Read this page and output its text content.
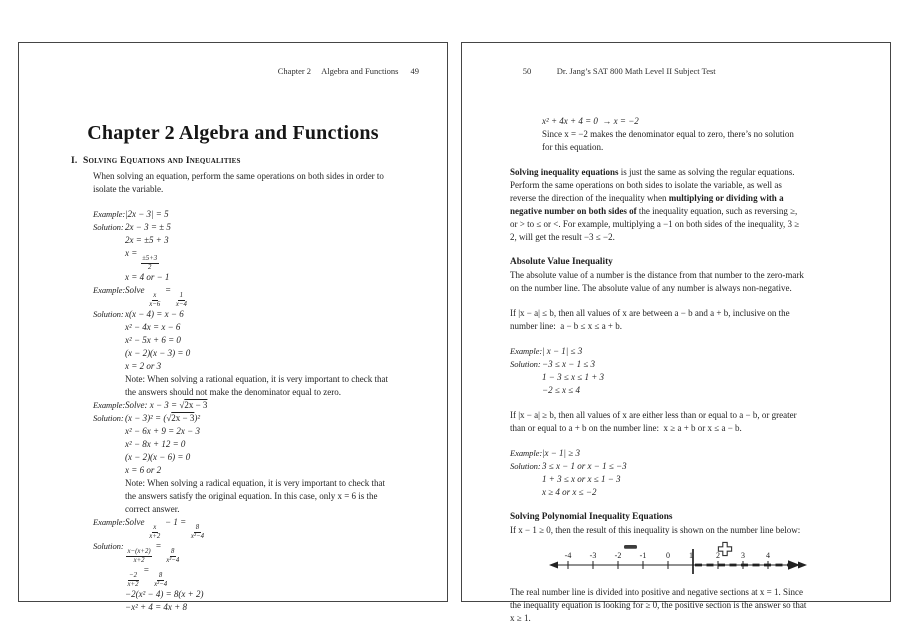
Chapter 2 Algebra and Functions 49

Chapter 2 Algebra and Functions
I. Solving Equations and Inequalities
When solving an equation, perform the same operations on both sides in order to
isolate the variable.
Example:|2x − 3| = 5
Solution:2x − 3 = ± 5
2x = ±5 + 3
x =
$\frac{\pm 5+3}{2}$
x = 4 or − 1
Example:Solve
$\frac{x}{x-6}$
=
$\frac{1}{x-4}$
Solution:x(x − 4) = x − 6
x² − 4x = x − 6
x² − 5x + 6 = 0
(x − 2)(x − 3) = 0
x = 2 or 3
Note: When solving a rational equation, it is very important to check that
the answers should not make the denominator equal to zero.
Example:Solve: x − 3 = √2x − 3
Solution:(x − 3)² = (√2x − 3)²
x² − 6x + 9 = 2x − 3
x² − 8x + 12 = 0
(x − 2)(x − 6) = 0
x = 6 or 2
Note: When solving a radical equation, it is very important to check that
the answers satisfy the original equation. In this case, only x = 6 is the
correct answer.
Example:Solve
$\frac{x}{x+2}$
− 1 =
$\frac{8}{\text{x²−4}}$
Solution:
$\frac{x-(x+2)}{x+2}$
=
$\frac{8}{\text{x²−4}}$
$\frac{-2}{x+2}$
=
$\frac{8}{\text{x²−4}}$
−2(x² − 4) = 8(x + 2)
−x² + 4 = 4x + 8

50	Dr. Jang’s SAT 800 Math Level II Subject Test

x² + 4x + 4 = 0  → x = −2
Since x = −2 makes the denominator equal to zero, there’s no solution
for this equation.
Solving inequality equations is just the same as solving the regular equations.
Perform the same operations on both sides to isolate the variable, as well as
reverse the direction of the inequality when multiplying or dividing with a
negative number on both sides of the inequality equation, such as reversing ≥,
or > to ≤ or <. For example, multiplying a −1 on both sides of the inequality, 3 ≥
2, will get the result −3 ≤ −2.
Absolute Value Inequality
The absolute value of a number is the distance from that number to the zero-mark
on the number line. The absolute value of any number is always non-negative.
If |x − a| ≤ b, then all values of x are between a − b and a + b, inclusive on the
number line:  a − b ≤ x ≤ a + b.
Example:| x − 1| ≤ 3
Solution:−3 ≤ x − 1 ≤ 3
1 − 3 ≤ x ≤ 1 + 3
−2 ≤ x ≤ 4
If |x − a| ≥ b, then all values of x are either less than or equal to a − b, or greater
than or equal to a + b on the number line:  x ≥ a + b or x ≤ a − b.
Example:|x − 1| ≥ 3
Solution:3 ≤ x − 1 or x − 1 ≤ −3
1 + 3 ≤ x or x ≤ 1 − 3
x ≥ 4 or x ≤ −2
Solving Polynomial Inequality Equations
If x − 1 ≥ 0, then the result of this inequality is shown on the number line below:
-4 -3 -2 -1 0 1	2	3	4
The real number line is divided into positive and negative sections at x = 1. Since
the inequality equation is looking for ≥ 0, the positive section is the answer so that
x ≥ 1.
